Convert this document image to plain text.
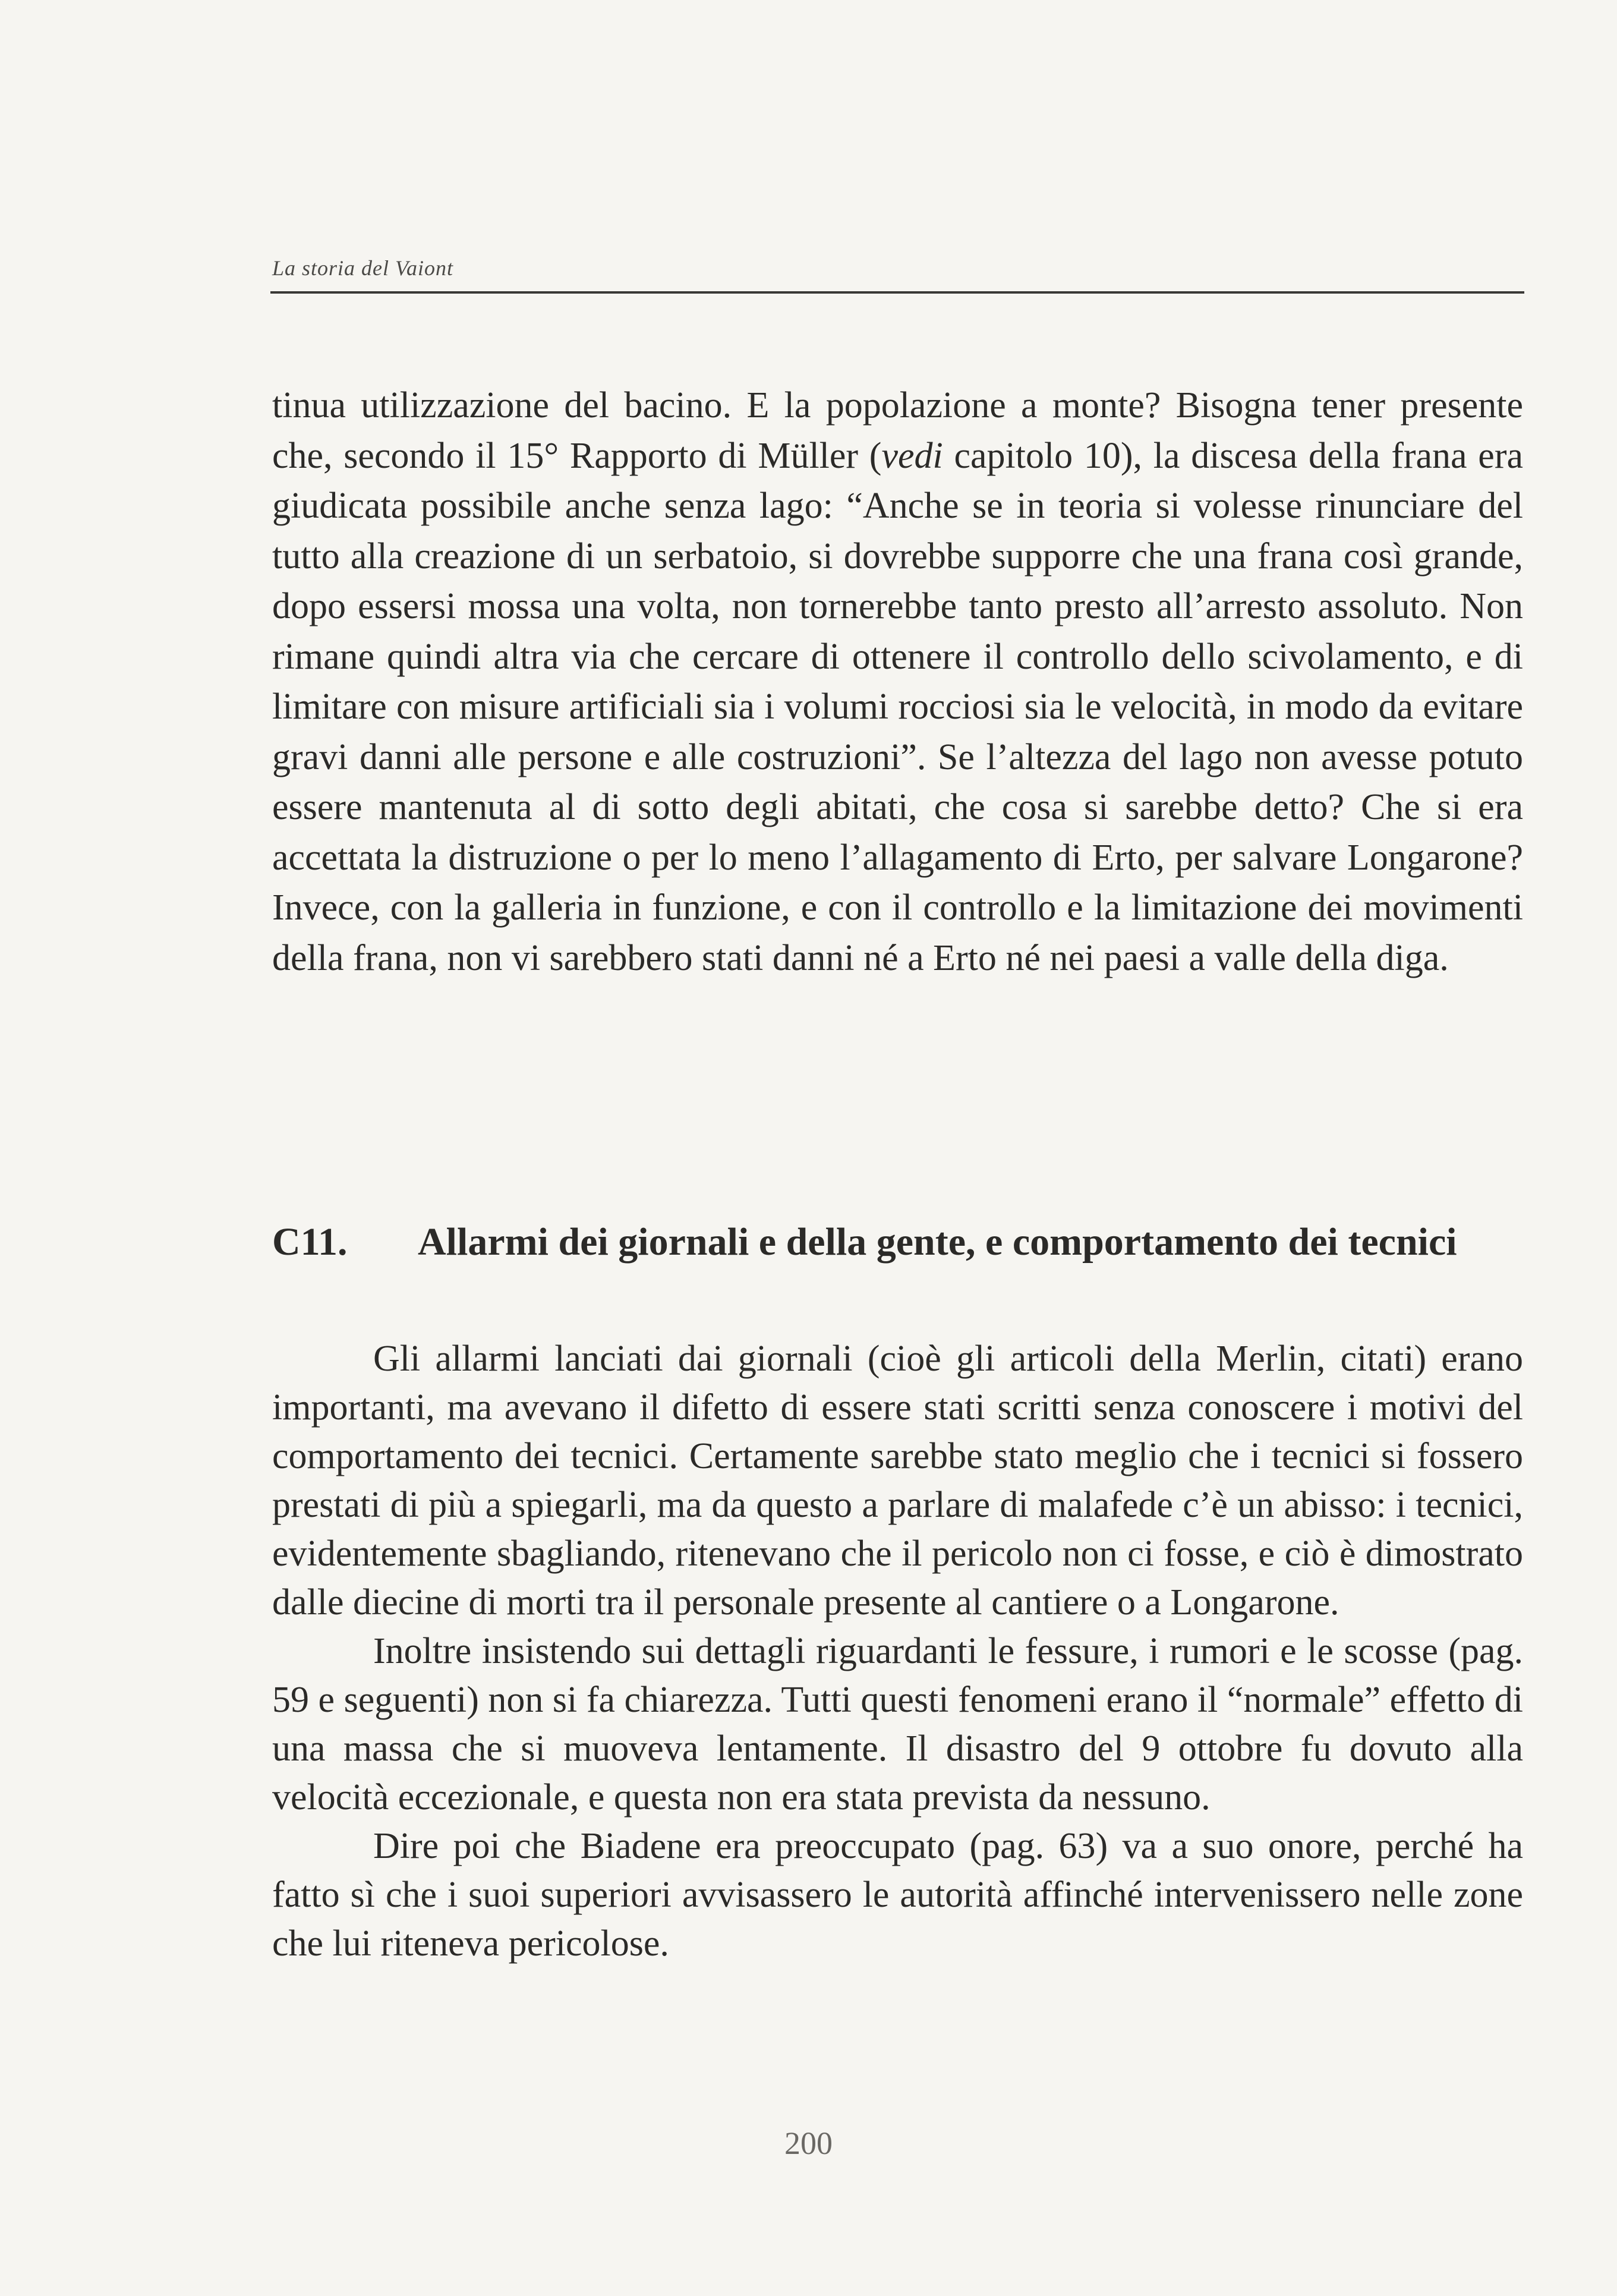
La storia del Vaiont

tinua utilizzazione del bacino. E la popolazione a monte? Bisogna tener presente che, secondo il 15° Rapporto di Müller (vedi capitolo 10), la discesa della frana era giudicata possibile anche senza lago: “Anche se in teoria si volesse rinunciare del tutto alla creazione di un serbatoio, si dovrebbe supporre che una frana così grande, dopo essersi mossa una volta, non tornerebbe tanto presto all’arresto assoluto. Non rimane quindi altra via che cercare di ottenere il controllo dello scivolamento, e di limitare con misure artificiali sia i volumi rocciosi sia le velocità, in modo da evitare gravi danni alle persone e alle costruzioni”. Se l’altezza del lago non avesse potuto essere mantenuta al di sotto degli abitati, che cosa si sarebbe detto? Che si era accettata la distruzione o per lo meno l’allagamento di Erto, per salvare Longarone? Invece, con la galleria in funzione, e con il controllo e la limitazione dei movimenti della frana, non vi sarebbero stati danni né a Erto né nei paesi a valle della diga.

C11.	Allarmi dei giornali e della gente, e comportamento dei tecnici

Gli allarmi lanciati dai giornali (cioè gli articoli della Merlin, citati) erano importanti, ma avevano il difetto di essere stati scritti senza conoscere i motivi del comportamento dei tecnici. Certamente sarebbe stato meglio che i tecnici si fossero prestati di più a spiegarli, ma da questo a parlare di malafede c’è un abisso: i tecnici, evidentemente sbagliando, ritenevano che il pericolo non ci fosse, e ciò è dimostrato dalle diecine di morti tra il personale presente al cantiere o a Longarone.

Inoltre insistendo sui dettagli riguardanti le fessure, i rumori e le scosse (pag. 59 e seguenti) non si fa chiarezza. Tutti questi fenomeni erano il “normale” effetto di una massa che si muoveva lentamente. Il disastro del 9 ottobre fu dovuto alla velocità eccezionale, e questa non era stata prevista da nessuno.

Dire poi che Biadene era preoccupato (pag. 63) va a suo onore, perché ha fatto sì che i suoi superiori avvisassero le autorità affinché intervenissero nelle zone che lui riteneva pericolose.

200
